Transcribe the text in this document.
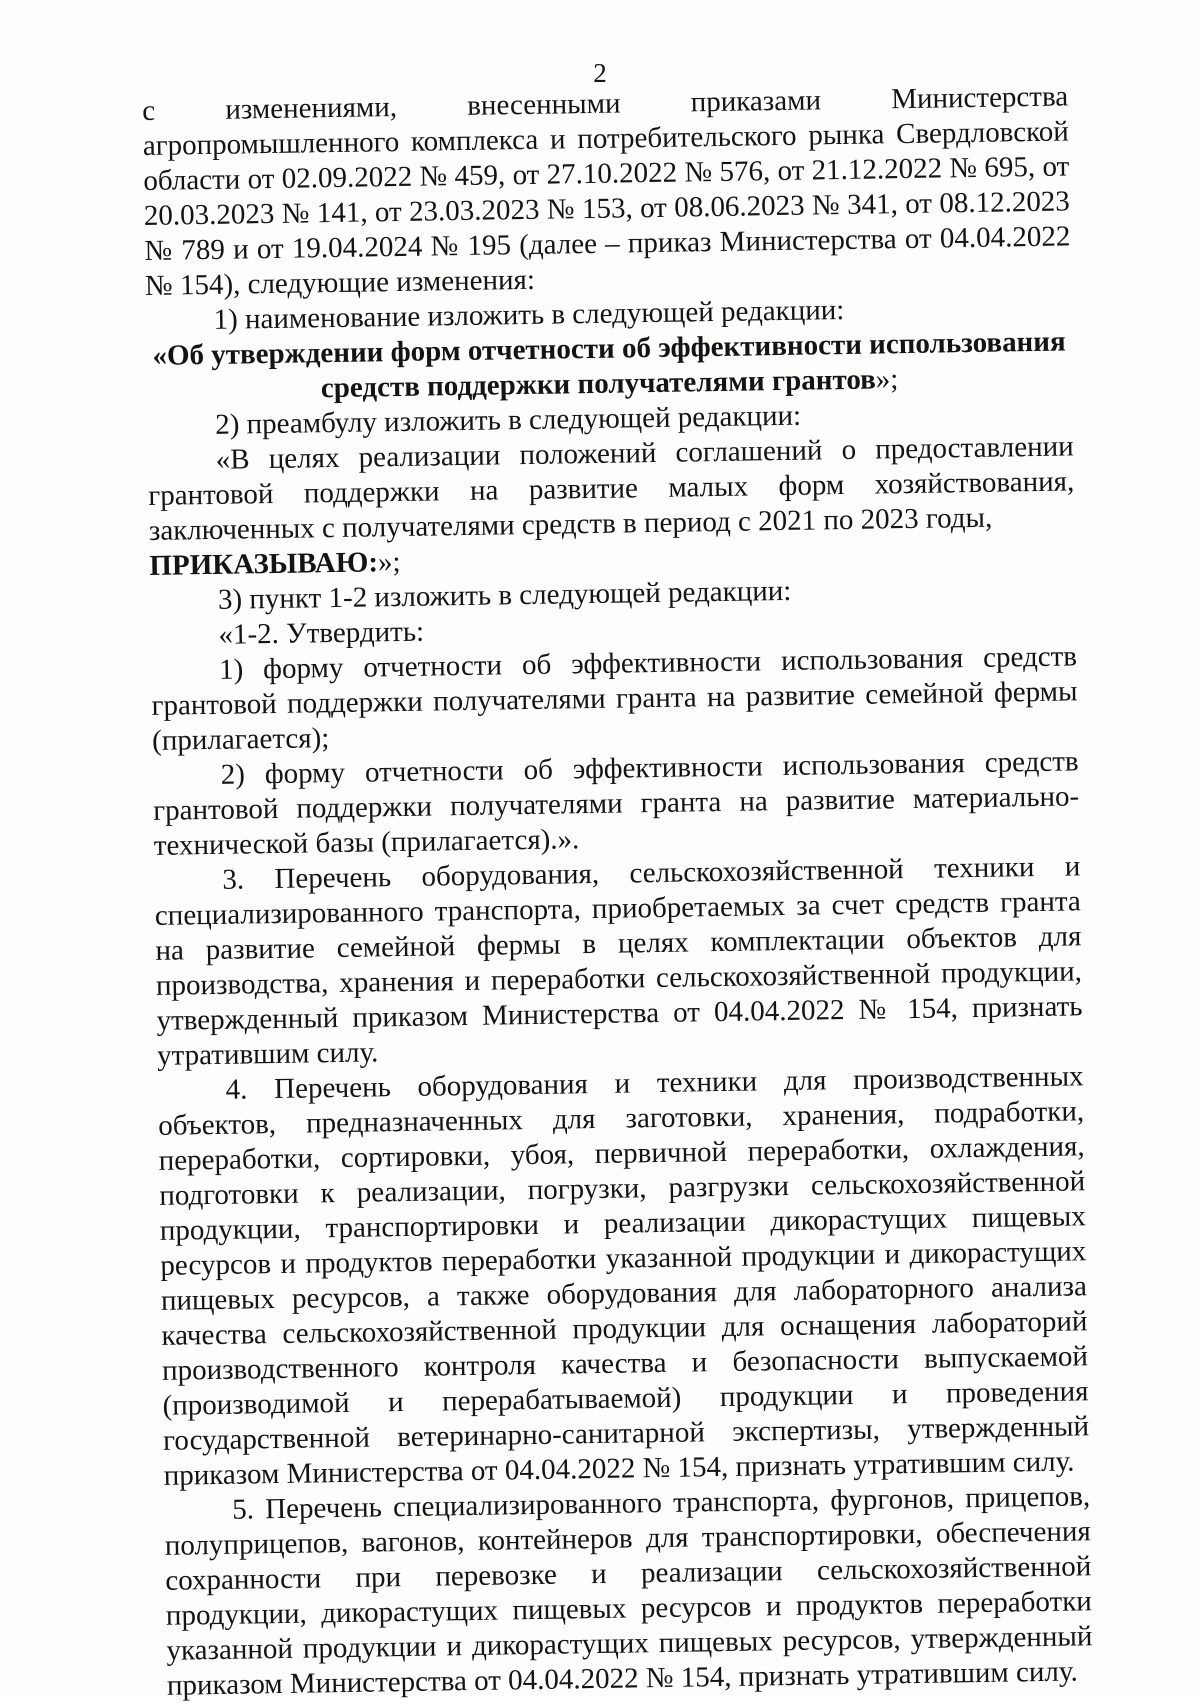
2

с изменениями, внесенными приказами Министерства агропромышленного комплекса и потребительского рынка Свердловской области от 02.09.2022 № 459, от 27.10.2022 № 576, от 21.12.2022 № 695, от 20.03.2023 № 141, от 23.03.2023 № 153, от 08.06.2023 № 341, от 08.12.2023 № 789 и от 19.04.2024 № 195 (далее – приказ Министерства от 04.04.2022 № 154), следующие изменения:

1) наименование изложить в следующей редакции:

«Об утверждении форм отчетности об эффективности использования средств поддержки получателями грантов»;

2) преамбулу изложить в следующей редакции:

«В целях реализации положений соглашений о предоставлении грантовой поддержки на развитие малых форм хозяйствования, заключенных с получателями средств в период с 2021 по 2023 годы,

ПРИКАЗЫВАЮ:»;

3) пункт 1-2 изложить в следующей редакции:

«1-2. Утвердить:

1) форму отчетности об эффективности использования средств грантовой поддержки получателями гранта на развитие семейной фермы (прилагается);

2) форму отчетности об эффективности использования средств грантовой поддержки получателями гранта на развитие материально-технической базы (прилагается).».

3. Перечень оборудования, сельскохозяйственной техники и специализированного транспорта, приобретаемых за счет средств гранта на развитие семейной фермы в целях комплектации объектов для производства, хранения и переработки сельскохозяйственной продукции, утвержденный приказом Министерства от 04.04.2022 № 154, признать утратившим силу.

4. Перечень оборудования и техники для производственных объектов, предназначенных для заготовки, хранения, подработки, переработки, сортировки, убоя, первичной переработки, охлаждения, подготовки к реализации, погрузки, разгрузки сельскохозяйственной продукции, транспортировки и реализации дикорастущих пищевых ресурсов и продуктов переработки указанной продукции и дикорастущих пищевых ресурсов, а также оборудования для лабораторного анализа качества сельскохозяйственной продукции для оснащения лабораторий производственного контроля качества и безопасности выпускаемой (производимой и перерабатываемой) продукции и проведения государственной ветеринарно-санитарной экспертизы, утвержденный приказом Министерства от 04.04.2022 № 154, признать утратившим силу.

5. Перечень специализированного транспорта, фургонов, прицепов, полуприцепов, вагонов, контейнеров для транспортировки, обеспечения сохранности при перевозке и реализации сельскохозяйственной продукции, дикорастущих пищевых ресурсов и продуктов переработки указанной продукции и дикорастущих пищевых ресурсов, утвержденный приказом Министерства от 04.04.2022 № 154, признать утратившим силу.
